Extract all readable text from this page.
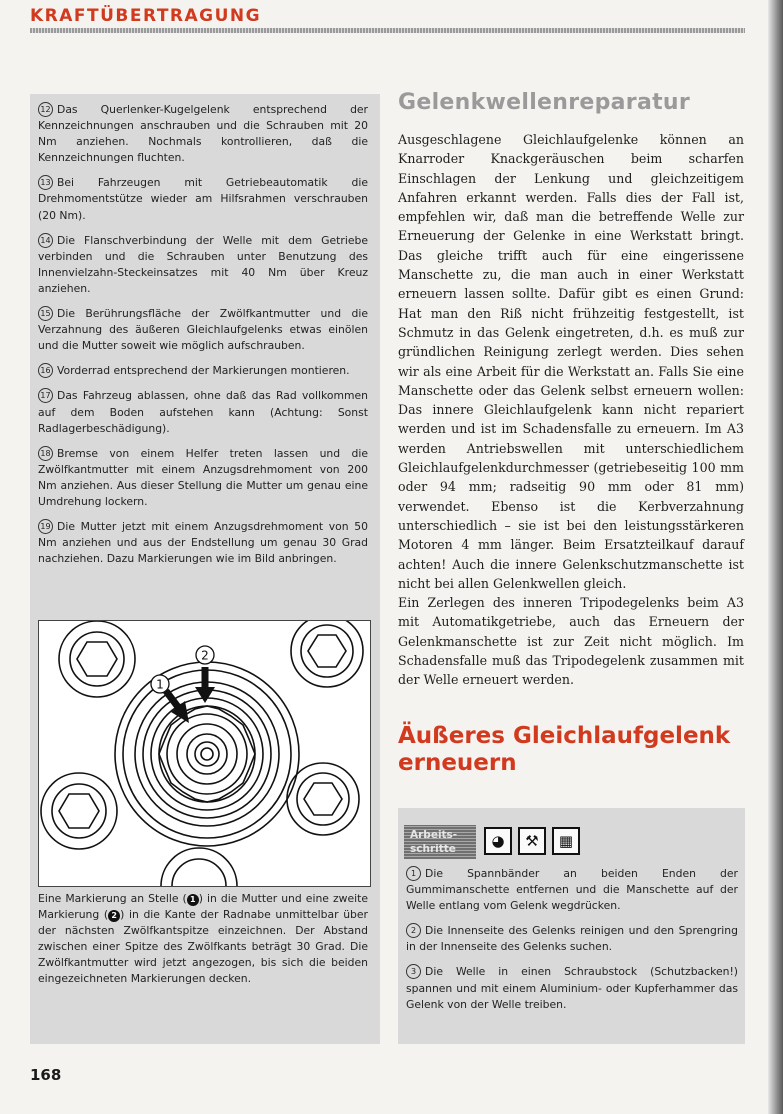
KRAFTÜBERTRAGUNG

12 Das Querlenker-Kugelgelenk entsprechend der Kennzeichnungen anschrauben und die Schrauben mit 20 Nm anziehen. Nochmals kontrollieren, daß die Kennzeichnungen fluchten.

13 Bei Fahrzeugen mit Getriebeautomatik die Drehmomentstütze wieder am Hilfsrahmen verschrauben (20 Nm).

14 Die Flanschverbindung der Welle mit dem Getriebe verbinden und die Schrauben unter Benutzung des Innenvielzahn-Steckeinsatzes mit 40 Nm über Kreuz anziehen.

15 Die Berührungsfläche der Zwölfkantmutter und die Verzahnung des äußeren Gleichlaufgelenks etwas einölen und die Mutter soweit wie möglich aufschrauben.

16 Vorderrad entsprechend der Markierungen montieren.

17 Das Fahrzeug ablassen, ohne daß das Rad vollkommen auf dem Boden aufstehen kann (Achtung: Sonst Radlagerbeschädigung).

18 Bremse von einem Helfer treten lassen und die Zwölfkantmutter mit einem Anzugsdrehmoment von 200 Nm anziehen. Aus dieser Stellung die Mutter um genau eine Umdrehung lockern.

19 Die Mutter jetzt mit einem Anzugsdrehmoment von 50 Nm anziehen und aus der Endstellung um genau 30 Grad nachziehen. Dazu Markierungen wie im Bild anbringen.

1
2
Eine Markierung an Stelle ( 1 ) in die Mutter und eine zweite Markierung ( 2 ) in die Kante der Radnabe unmittelbar über der nächsten Zwölfkantspitze einzeichnen. Der Abstand zwischen einer Spitze des Zwölfkants beträgt 30 Grad. Die Zwölfkantmutter wird jetzt angezogen, bis sich die beiden eingezeichneten Markierungen decken.
Gelenkwellenreparatur

Ausgeschlagene Gleichlaufgelenke können an Knarroder Knackgeräuschen beim scharfen Einschlagen der Lenkung und gleichzeitigem Anfahren erkannt werden. Falls dies der Fall ist, empfehlen wir, daß man die betreffende Welle zur Erneuerung der Gelenke in eine Werkstatt bringt. Das gleiche trifft auch für eine eingerissene Manschette zu, die man auch in einer Werkstatt erneuern lassen sollte. Dafür gibt es einen Grund: Hat man den Riß nicht frühzeitig festgestellt, ist Schmutz in das Gelenk eingetreten, d.h. es muß zur gründlichen Reinigung zerlegt werden. Dies sehen wir als eine Arbeit für die Werkstatt an. Falls Sie eine Manschette oder das Gelenk selbst erneuern wollen: Das innere Gleichlaufgelenk kann nicht repariert werden und ist im Schadensfalle zu erneuern. Im A3 werden Antriebswellen mit unterschiedlichem Gleichlaufgelenkdurchmesser (getriebeseitig 100 mm oder 94 mm; radseitig 90 mm oder 81 mm) verwendet. Ebenso ist die Kerbverzahnung unterschiedlich – sie ist bei den leistungsstärkeren Motoren 4 mm länger. Beim Ersatzteilkauf darauf achten! Auch die innere Gelenkschutzmanschette ist nicht bei allen Gelenkwellen gleich.

Ein Zerlegen des inneren Tripodegelenks beim A3 mit Automatikgetriebe, auch das Erneuern der Gelenkmanschette ist zur Zeit nicht möglich. Im Schadensfalle muß das Tripodegelenk zusammen mit der Welle erneuert werden.

Äußeres Gleichlaufgelenk erneuern
Arbeits-
schritte	◕	⚒	▦

1 Die Spannbänder an beiden Enden der Gummimanschette entfernen und die Manschette auf der Welle entlang vom Gelenk wegdrücken.

2 Die Innenseite des Gelenks reinigen und den Sprengring in der Innenseite des Gelenks suchen.

3 Die Welle in einen Schraubstock (Schutzbacken!) spannen und mit einem Aluminium- oder Kupferhammer das Gelenk von der Welle treiben.

168
